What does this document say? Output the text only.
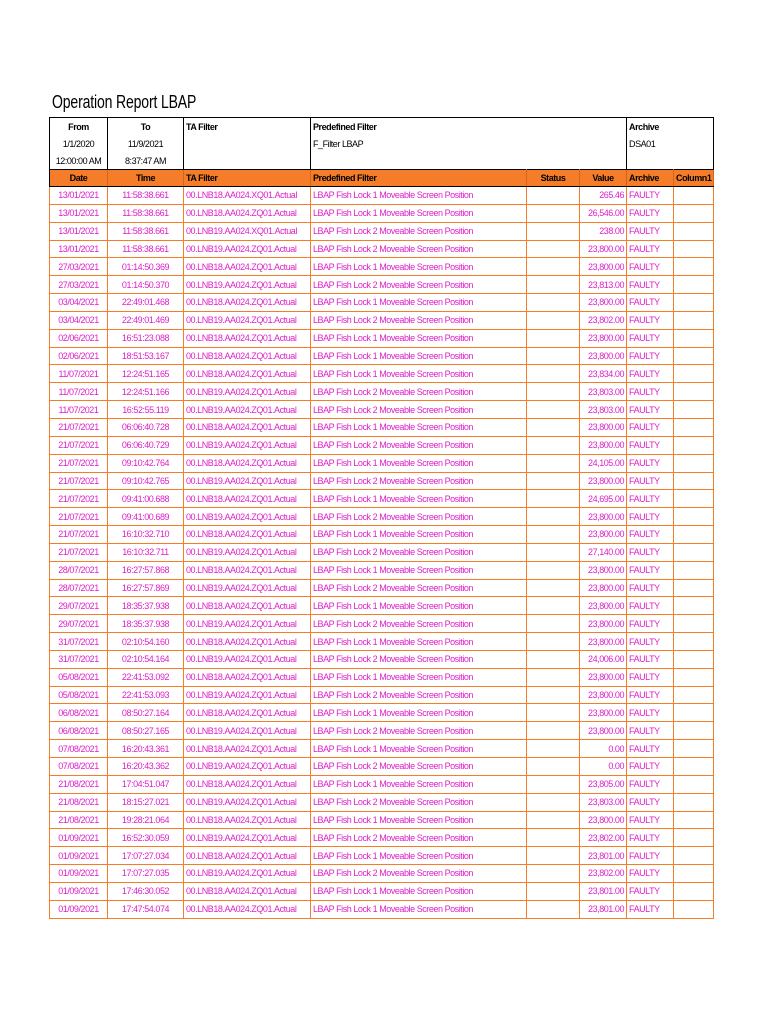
Operation Report LBAP
From	To	TA Filter	Predefined Filter			Archive	
1/1/2020	11/9/2021		F_Filter LBAP			DSA01	
12:00:00 AM	8:37:47 AM						
Date	Time	TA Filter	Predefined Filter	Status	Value	Archive	Column1
13/01/2021	11:58:38.661	00.LNB18.AA024.XQ01.Actual	LBAP Fish Lock 1 Moveable Screen Position		265.46	FAULTY	
13/01/2021	11:58:38.661	00.LNB18.AA024.ZQ01.Actual	LBAP Fish Lock 1 Moveable Screen Position		26,546.00	FAULTY	
13/01/2021	11:58:38.661	00.LNB19.AA024.XQ01.Actual	LBAP Fish Lock 2 Moveable Screen Position		238.00	FAULTY	
13/01/2021	11:58:38.661	00.LNB19.AA024.ZQ01.Actual	LBAP Fish Lock 2 Moveable Screen Position		23,800.00	FAULTY	
27/03/2021	01:14:50.369	00.LNB18.AA024.ZQ01.Actual	LBAP Fish Lock 1 Moveable Screen Position		23,800.00	FAULTY	
27/03/2021	01:14:50.370	00.LNB19.AA024.ZQ01.Actual	LBAP Fish Lock 2 Moveable Screen Position		23,813.00	FAULTY	
03/04/2021	22:49:01.468	00.LNB18.AA024.ZQ01.Actual	LBAP Fish Lock 1 Moveable Screen Position		23,800.00	FAULTY	
03/04/2021	22:49:01.469	00.LNB19.AA024.ZQ01.Actual	LBAP Fish Lock 2 Moveable Screen Position		23,802.00	FAULTY	
02/06/2021	16:51:23.088	00.LNB18.AA024.ZQ01.Actual	LBAP Fish Lock 1 Moveable Screen Position		23,800.00	FAULTY	
02/06/2021	18:51:53.167	00.LNB18.AA024.ZQ01.Actual	LBAP Fish Lock 1 Moveable Screen Position		23,800.00	FAULTY	
11/07/2021	12:24:51.165	00.LNB18.AA024.ZQ01.Actual	LBAP Fish Lock 1 Moveable Screen Position		23,834.00	FAULTY	
11/07/2021	12:24:51.166	00.LNB19.AA024.ZQ01.Actual	LBAP Fish Lock 2 Moveable Screen Position		23,803.00	FAULTY	
11/07/2021	16:52:55.119	00.LNB19.AA024.ZQ01.Actual	LBAP Fish Lock 2 Moveable Screen Position		23,803.00	FAULTY	
21/07/2021	06:06:40.728	00.LNB18.AA024.ZQ01.Actual	LBAP Fish Lock 1 Moveable Screen Position		23,800.00	FAULTY	
21/07/2021	06:06:40.729	00.LNB19.AA024.ZQ01.Actual	LBAP Fish Lock 2 Moveable Screen Position		23,800.00	FAULTY	
21/07/2021	09:10:42.764	00.LNB18.AA024.ZQ01.Actual	LBAP Fish Lock 1 Moveable Screen Position		24,105.00	FAULTY	
21/07/2021	09:10:42.765	00.LNB19.AA024.ZQ01.Actual	LBAP Fish Lock 2 Moveable Screen Position		23,800.00	FAULTY	
21/07/2021	09:41:00.688	00.LNB18.AA024.ZQ01.Actual	LBAP Fish Lock 1 Moveable Screen Position		24,695.00	FAULTY	
21/07/2021	09:41:00.689	00.LNB19.AA024.ZQ01.Actual	LBAP Fish Lock 2 Moveable Screen Position		23,800.00	FAULTY	
21/07/2021	16:10:32.710	00.LNB18.AA024.ZQ01.Actual	LBAP Fish Lock 1 Moveable Screen Position		23,800.00	FAULTY	
21/07/2021	16:10:32.711	00.LNB19.AA024.ZQ01.Actual	LBAP Fish Lock 2 Moveable Screen Position		27,140.00	FAULTY	
28/07/2021	16:27:57.868	00.LNB18.AA024.ZQ01.Actual	LBAP Fish Lock 1 Moveable Screen Position		23,800.00	FAULTY	
28/07/2021	16:27:57.869	00.LNB19.AA024.ZQ01.Actual	LBAP Fish Lock 2 Moveable Screen Position		23,800.00	FAULTY	
29/07/2021	18:35:37.938	00.LNB18.AA024.ZQ01.Actual	LBAP Fish Lock 1 Moveable Screen Position		23,800.00	FAULTY	
29/07/2021	18:35:37.938	00.LNB19.AA024.ZQ01.Actual	LBAP Fish Lock 2 Moveable Screen Position		23,800.00	FAULTY	
31/07/2021	02:10:54.160	00.LNB18.AA024.ZQ01.Actual	LBAP Fish Lock 1 Moveable Screen Position		23,800.00	FAULTY	
31/07/2021	02:10:54.164	00.LNB19.AA024.ZQ01.Actual	LBAP Fish Lock 2 Moveable Screen Position		24,006.00	FAULTY	
05/08/2021	22:41:53.092	00.LNB18.AA024.ZQ01.Actual	LBAP Fish Lock 1 Moveable Screen Position		23,800.00	FAULTY	
05/08/2021	22:41:53.093	00.LNB19.AA024.ZQ01.Actual	LBAP Fish Lock 2 Moveable Screen Position		23,800.00	FAULTY	
06/08/2021	08:50:27.164	00.LNB18.AA024.ZQ01.Actual	LBAP Fish Lock 1 Moveable Screen Position		23,800.00	FAULTY	
06/08/2021	08:50:27.165	00.LNB19.AA024.ZQ01.Actual	LBAP Fish Lock 2 Moveable Screen Position		23,800.00	FAULTY	
07/08/2021	16:20:43.361	00.LNB18.AA024.ZQ01.Actual	LBAP Fish Lock 1 Moveable Screen Position		0.00	FAULTY	
07/08/2021	16:20:43.362	00.LNB19.AA024.ZQ01.Actual	LBAP Fish Lock 2 Moveable Screen Position		0.00	FAULTY	
21/08/2021	17:04:51.047	00.LNB18.AA024.ZQ01.Actual	LBAP Fish Lock 1 Moveable Screen Position		23,805.00	FAULTY	
21/08/2021	18:15:27.021	00.LNB19.AA024.ZQ01.Actual	LBAP Fish Lock 2 Moveable Screen Position		23,803.00	FAULTY	
21/08/2021	19:28:21.064	00.LNB18.AA024.ZQ01.Actual	LBAP Fish Lock 1 Moveable Screen Position		23,800.00	FAULTY	
01/09/2021	16:52:30.059	00.LNB19.AA024.ZQ01.Actual	LBAP Fish Lock 2 Moveable Screen Position		23,802.00	FAULTY	
01/09/2021	17:07:27.034	00.LNB18.AA024.ZQ01.Actual	LBAP Fish Lock 1 Moveable Screen Position		23,801.00	FAULTY	
01/09/2021	17:07:27.035	00.LNB19.AA024.ZQ01.Actual	LBAP Fish Lock 2 Moveable Screen Position		23,802.00	FAULTY	
01/09/2021	17:46:30.052	00.LNB18.AA024.ZQ01.Actual	LBAP Fish Lock 1 Moveable Screen Position		23,801.00	FAULTY	
01/09/2021	17:47:54.074	00.LNB18.AA024.ZQ01.Actual	LBAP Fish Lock 1 Moveable Screen Position		23,801.00	FAULTY	
